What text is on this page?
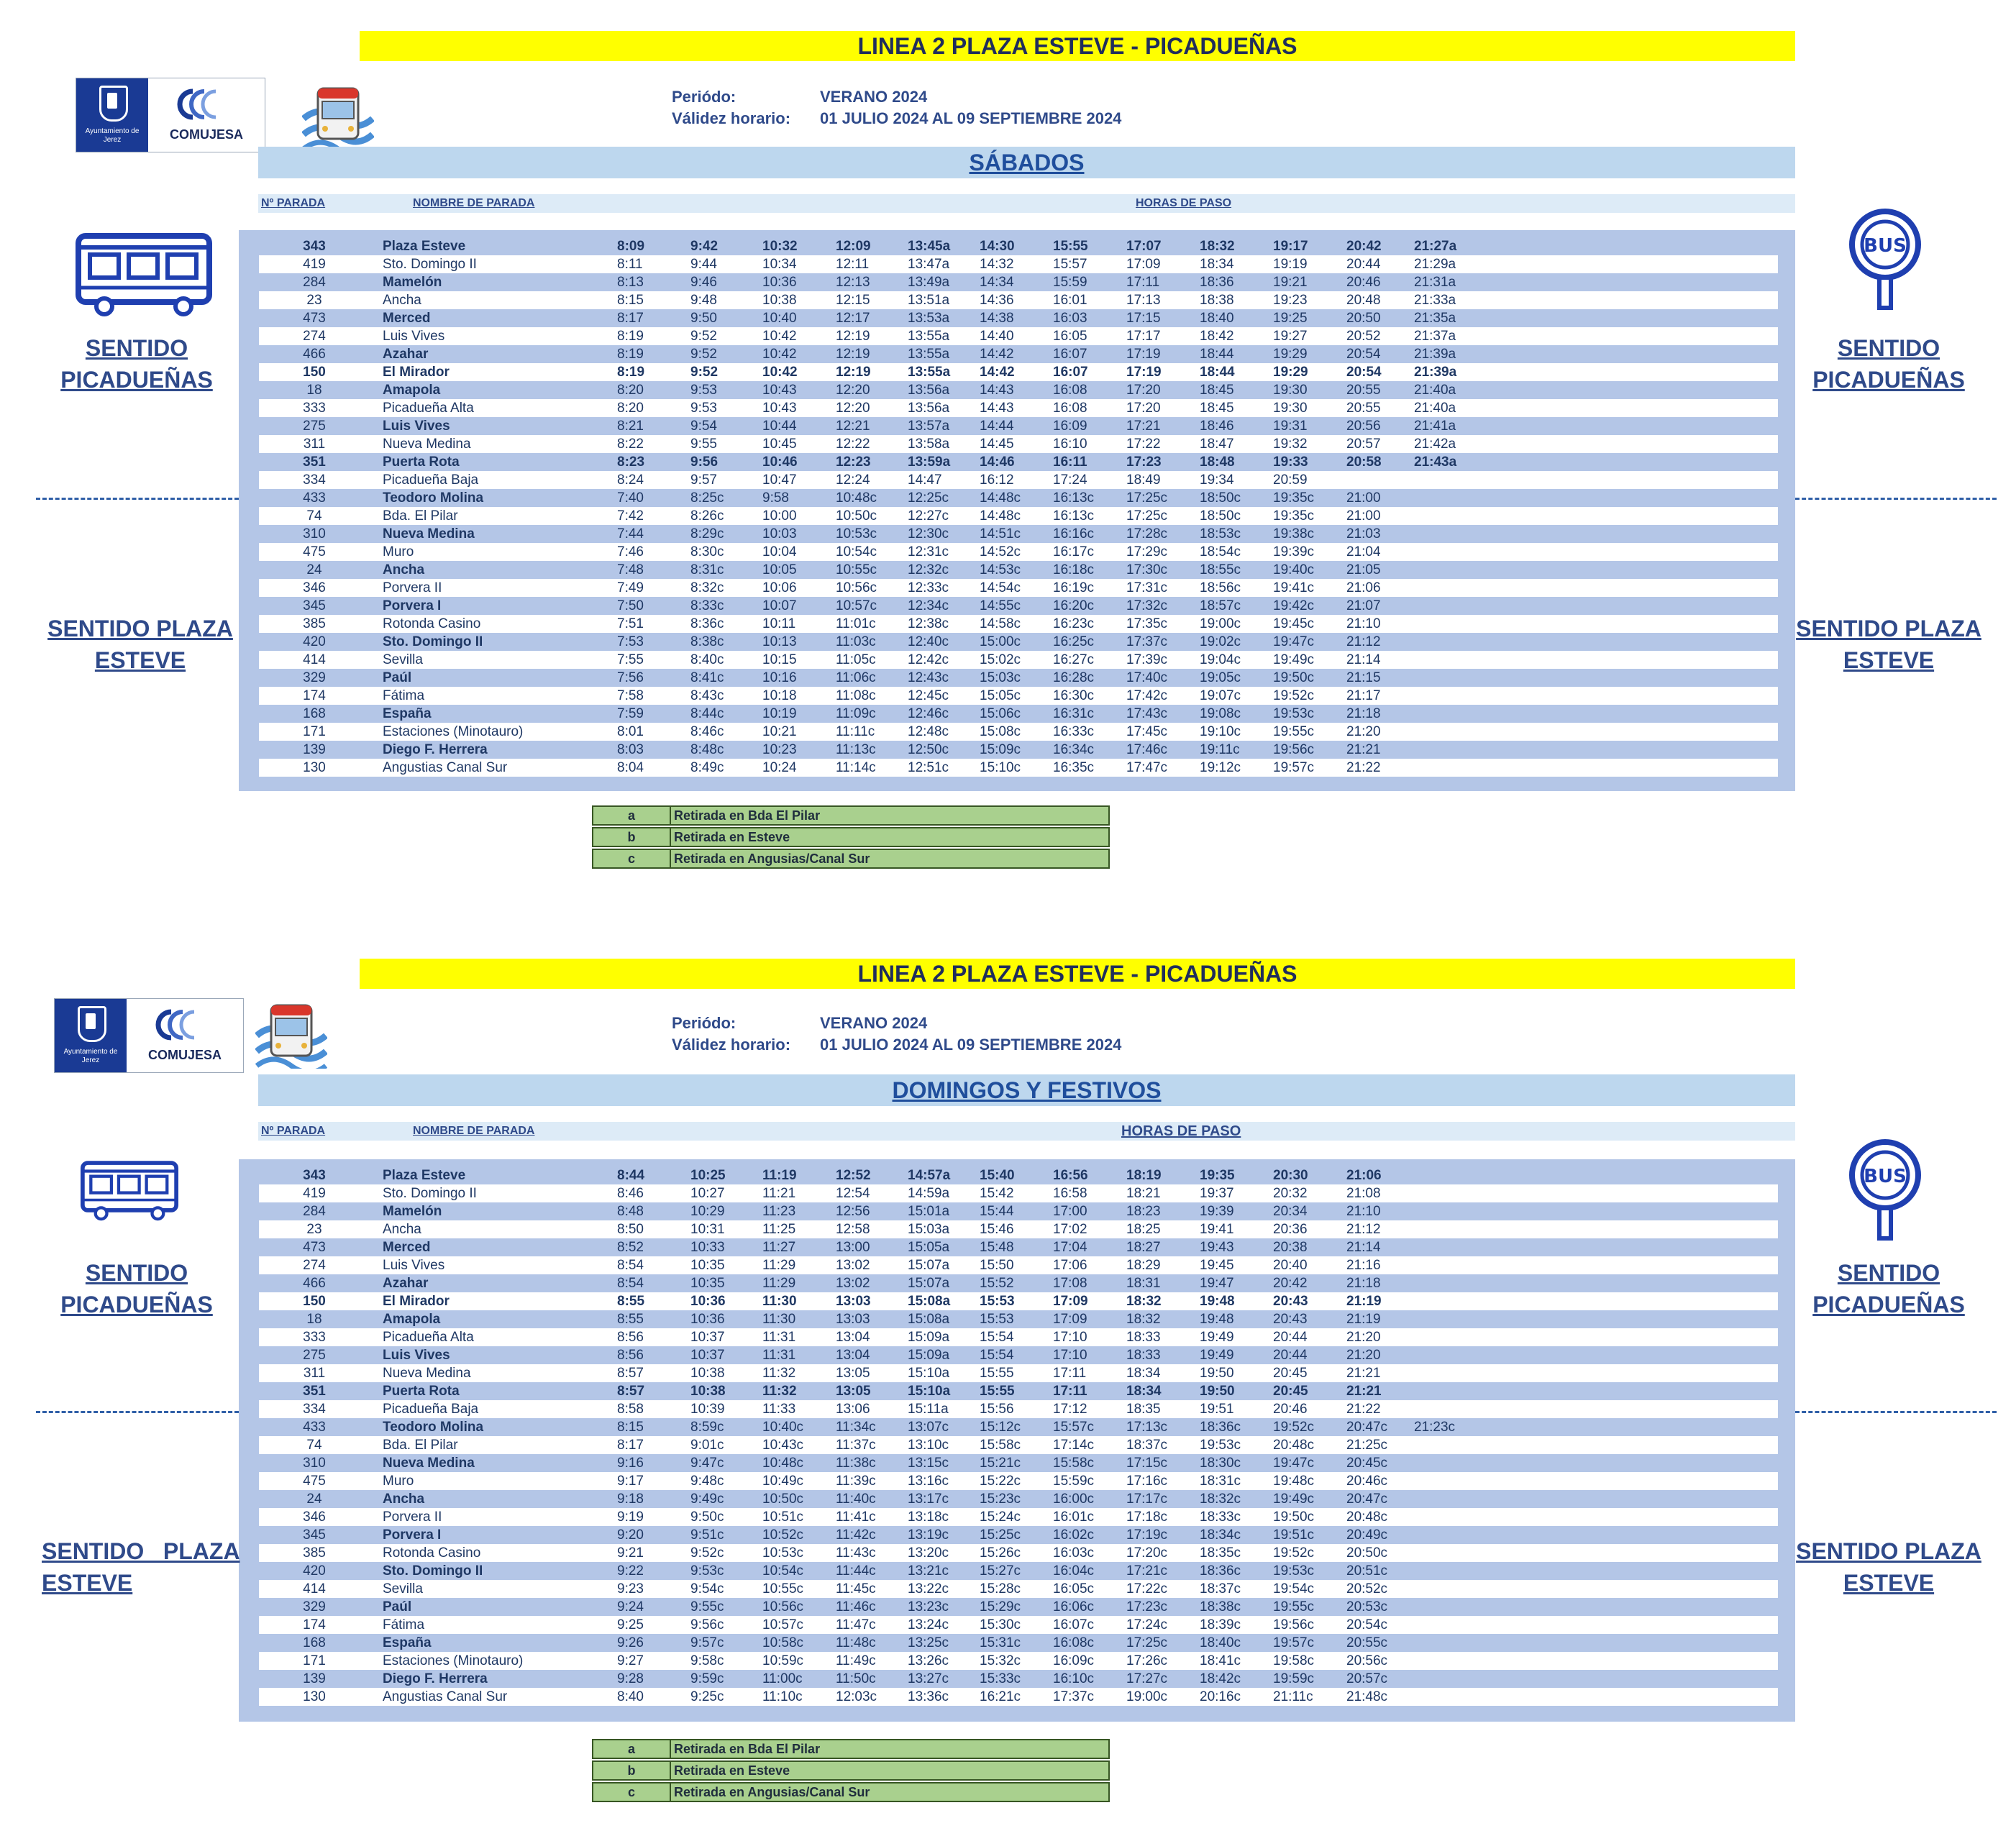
LINEA 2 PLAZA ESTEVE - PICADUEÑAS
Ayuntamiento de Jerez	COMUJESA
Periódo:	VERANO 2024
Válidez horario: 01 JULIO 2024 AL 09 SEPTIEMBRE 2024
SÁBADOS
Nº PARADA	NOMBRE DE PARADA	HORAS DE PASO
343	Plaza Esteve	8:09	9:42	10:32	12:09	13:45a 14:30	15:55	17:07	18:32	19:17	20:42 21:27a
419	Sto. Domingo II	8:11	9:44	10:34	12:11	13:47a 14:32	15:57	17:09	18:34	19:19	20:44 21:29a
284	Mamelón	8:13	9:46	10:36	12:13	13:49a 14:34	15:59	17:11	18:36	19:21	20:46 21:31a
23	Ancha	8:15	9:48	10:38	12:15	13:51a 14:36	16:01	17:13	18:38	19:23	20:48 21:33a
473	Merced	8:17	9:50	10:40	12:17	13:53a 14:38	16:03	17:15	18:40	19:25	20:50 21:35a
274	Luis Vives	8:19	9:52	10:42	12:19	13:55a 14:40	16:05	17:17	18:42	19:27	20:52 21:37a
466	Azahar	8:19	9:52	10:42	12:19	13:55a 14:42	16:07	17:19	18:44	19:29	20:54 21:39a
150	El Mirador	8:19	9:52	10:42	12:19	13:55a 14:42	16:07	17:19	18:44	19:29	20:54 21:39a
18	Amapola	8:20	9:53	10:43	12:20	13:56a 14:43	16:08	17:20	18:45	19:30	20:55 21:40a
333	Picadueña Alta	8:20	9:53	10:43	12:20	13:56a 14:43	16:08	17:20	18:45	19:30	20:55 21:40a
275	Luis Vives	8:21	9:54	10:44	12:21	13:57a 14:44	16:09	17:21	18:46	19:31	20:56 21:41a
311	Nueva Medina	8:22	9:55	10:45	12:22	13:58a 14:45	16:10	17:22	18:47	19:32	20:57 21:42a
351	Puerta Rota	8:23	9:56	10:46	12:23	13:59a 14:46	16:11	17:23	18:48	19:33	20:58 21:43a
334	Picadueña Baja	8:24	9:57	10:47	12:24	14:47	16:12	17:24	18:49	19:34	20:59
433	Teodoro Molina	7:40	8:25c	9:58	10:48c 12:25c 14:48c 16:13c 17:25c 18:50c 19:35c 21:00
74	Bda. El Pilar	7:42	8:26c	10:00	10:50c 12:27c 14:48c 16:13c 17:25c 18:50c 19:35c 21:00
310	Nueva Medina	7:44	8:29c	10:03	10:53c 12:30c 14:51c 16:16c 17:28c 18:53c 19:38c 21:03
475	Muro	7:46	8:30c	10:04	10:54c 12:31c 14:52c 16:17c 17:29c 18:54c 19:39c 21:04
24	Ancha	7:48	8:31c	10:05	10:55c 12:32c 14:53c 16:18c 17:30c 18:55c 19:40c 21:05
346	Porvera II	7:49	8:32c	10:06	10:56c 12:33c 14:54c 16:19c 17:31c 18:56c 19:41c 21:06
345	Porvera I	7:50	8:33c	10:07	10:57c 12:34c 14:55c 16:20c 17:32c 18:57c 19:42c 21:07
385	Rotonda Casino	7:51	8:36c	10:11	11:01c 12:38c 14:58c 16:23c 17:35c 19:00c 19:45c 21:10
420	Sto. Domingo II	7:53	8:38c	10:13	11:03c 12:40c 15:00c 16:25c 17:37c 19:02c 19:47c 21:12
414	Sevilla	7:55	8:40c	10:15	11:05c 12:42c 15:02c 16:27c 17:39c 19:04c 19:49c 21:14
329	Paúl	7:56	8:41c	10:16	11:06c 12:43c 15:03c 16:28c 17:40c 19:05c 19:50c 21:15
174	Fátima	7:58	8:43c	10:18	11:08c 12:45c 15:05c 16:30c 17:42c 19:07c 19:52c 21:17
168	España	7:59	8:44c	10:19	11:09c 12:46c 15:06c 16:31c 17:43c 19:08c 19:53c 21:18
171	Estaciones (Minotauro)	8:01	8:46c	10:21	11:11c 12:48c 15:08c 16:33c 17:45c 19:10c 19:55c 21:20
139	Diego F. Herrera	8:03	8:48c	10:23	11:13c 12:50c 15:09c 16:34c 17:46c 19:11c 19:56c 21:21
130	Angustias Canal Sur	8:04	8:49c	10:24	11:14c 12:51c 15:10c 16:35c 17:47c 19:12c 19:57c 21:22
SENTIDO
PICADUEÑAS
SENTIDO PLAZA
ESTEVE
BUS
SENTIDO
PICADUEÑAS
SENTIDO PLAZA
ESTEVE
a	Retirada en Bda El Pilar
b	Retirada en Esteve
c	Retirada en Angusias/Canal Sur
LINEA 2 PLAZA ESTEVE - PICADUEÑAS
Ayuntamiento de Jerez	COMUJESA
Periódo:	VERANO 2024
Válidez horario: 01 JULIO 2024 AL 09 SEPTIEMBRE 2024
DOMINGOS Y FESTIVOS
Nº PARADA	NOMBRE DE PARADA	HORAS DE PASO
343	Plaza Esteve	8:44	10:25	11:19	12:52	14:57a 15:40	16:56	18:19	19:35	20:30	21:06
419	Sto. Domingo II	8:46	10:27	11:21	12:54	14:59a 15:42	16:58	18:21	19:37	20:32	21:08
284	Mamelón	8:48	10:29	11:23	12:56	15:01a 15:44	17:00	18:23	19:39	20:34	21:10
23	Ancha	8:50	10:31	11:25	12:58	15:03a 15:46	17:02	18:25	19:41	20:36	21:12
473	Merced	8:52	10:33	11:27	13:00	15:05a 15:48	17:04	18:27	19:43	20:38	21:14
274	Luis Vives	8:54	10:35	11:29	13:02	15:07a 15:50	17:06	18:29	19:45	20:40	21:16
466	Azahar	8:54	10:35	11:29	13:02	15:07a 15:52	17:08	18:31	19:47	20:42	21:18
150	El Mirador	8:55	10:36	11:30	13:03	15:08a 15:53	17:09	18:32	19:48	20:43	21:19
18	Amapola	8:55	10:36	11:30	13:03	15:08a 15:53	17:09	18:32	19:48	20:43	21:19
333	Picadueña Alta	8:56	10:37	11:31	13:04	15:09a 15:54	17:10	18:33	19:49	20:44	21:20
275	Luis Vives	8:56	10:37	11:31	13:04	15:09a 15:54	17:10	18:33	19:49	20:44	21:20
311	Nueva Medina	8:57	10:38	11:32	13:05	15:10a 15:55	17:11	18:34	19:50	20:45	21:21
351	Puerta Rota	8:57	10:38	11:32	13:05	15:10a 15:55	17:11	18:34	19:50	20:45	21:21
334	Picadueña Baja	8:58	10:39	11:33	13:06	15:11a 15:56	17:12	18:35	19:51	20:46	21:22
433	Teodoro Molina	8:15	8:59c	10:40c 11:34c 13:07c 15:12c 15:57c 17:13c 18:36c 19:52c 20:47c 21:23c
74	Bda. El Pilar	8:17	9:01c	10:43c 11:37c 13:10c 15:58c 17:14c 18:37c 19:53c 20:48c 21:25c
310	Nueva Medina	9:16	9:47c	10:48c 11:38c 13:15c 15:21c 15:58c 17:15c 18:30c 19:47c 20:45c
475	Muro	9:17	9:48c	10:49c 11:39c 13:16c 15:22c 15:59c 17:16c 18:31c 19:48c 20:46c
24	Ancha	9:18	9:49c	10:50c 11:40c 13:17c 15:23c 16:00c 17:17c 18:32c 19:49c 20:47c
346	Porvera II	9:19	9:50c	10:51c 11:41c 13:18c 15:24c 16:01c 17:18c 18:33c 19:50c 20:48c
345	Porvera I	9:20	9:51c	10:52c 11:42c 13:19c 15:25c 16:02c 17:19c 18:34c 19:51c 20:49c
385	Rotonda Casino	9:21	9:52c	10:53c 11:43c 13:20c 15:26c 16:03c 17:20c 18:35c 19:52c 20:50c
420	Sto. Domingo II	9:22	9:53c	10:54c 11:44c 13:21c 15:27c 16:04c 17:21c 18:36c 19:53c 20:51c
414	Sevilla	9:23	9:54c	10:55c 11:45c 13:22c 15:28c 16:05c 17:22c 18:37c 19:54c 20:52c
329	Paúl	9:24	9:55c	10:56c 11:46c 13:23c 15:29c 16:06c 17:23c 18:38c 19:55c 20:53c
174	Fátima	9:25	9:56c	10:57c 11:47c 13:24c 15:30c 16:07c 17:24c 18:39c 19:56c 20:54c
168	España	9:26	9:57c	10:58c 11:48c 13:25c 15:31c 16:08c 17:25c 18:40c 19:57c 20:55c
171	Estaciones (Minotauro)	9:27	9:58c	10:59c 11:49c 13:26c 15:32c 16:09c 17:26c 18:41c 19:58c 20:56c
139	Diego F. Herrera	9:28	9:59c	11:00c 11:50c 13:27c 15:33c 16:10c 17:27c 18:42c 19:59c 20:57c
130	Angustias Canal Sur	8:40	9:25c	11:10c 12:03c 13:36c 16:21c 17:37c 19:00c 20:16c 21:11c 21:48c
SENTIDO
PICADUEÑAS
SENTIDO   PLAZA
ESTEVE
BUS
SENTIDO
PICADUEÑAS
SENTIDO PLAZA
ESTEVE
a	Retirada en Bda El Pilar
b	Retirada en Esteve
c	Retirada en Angusias/Canal Sur
